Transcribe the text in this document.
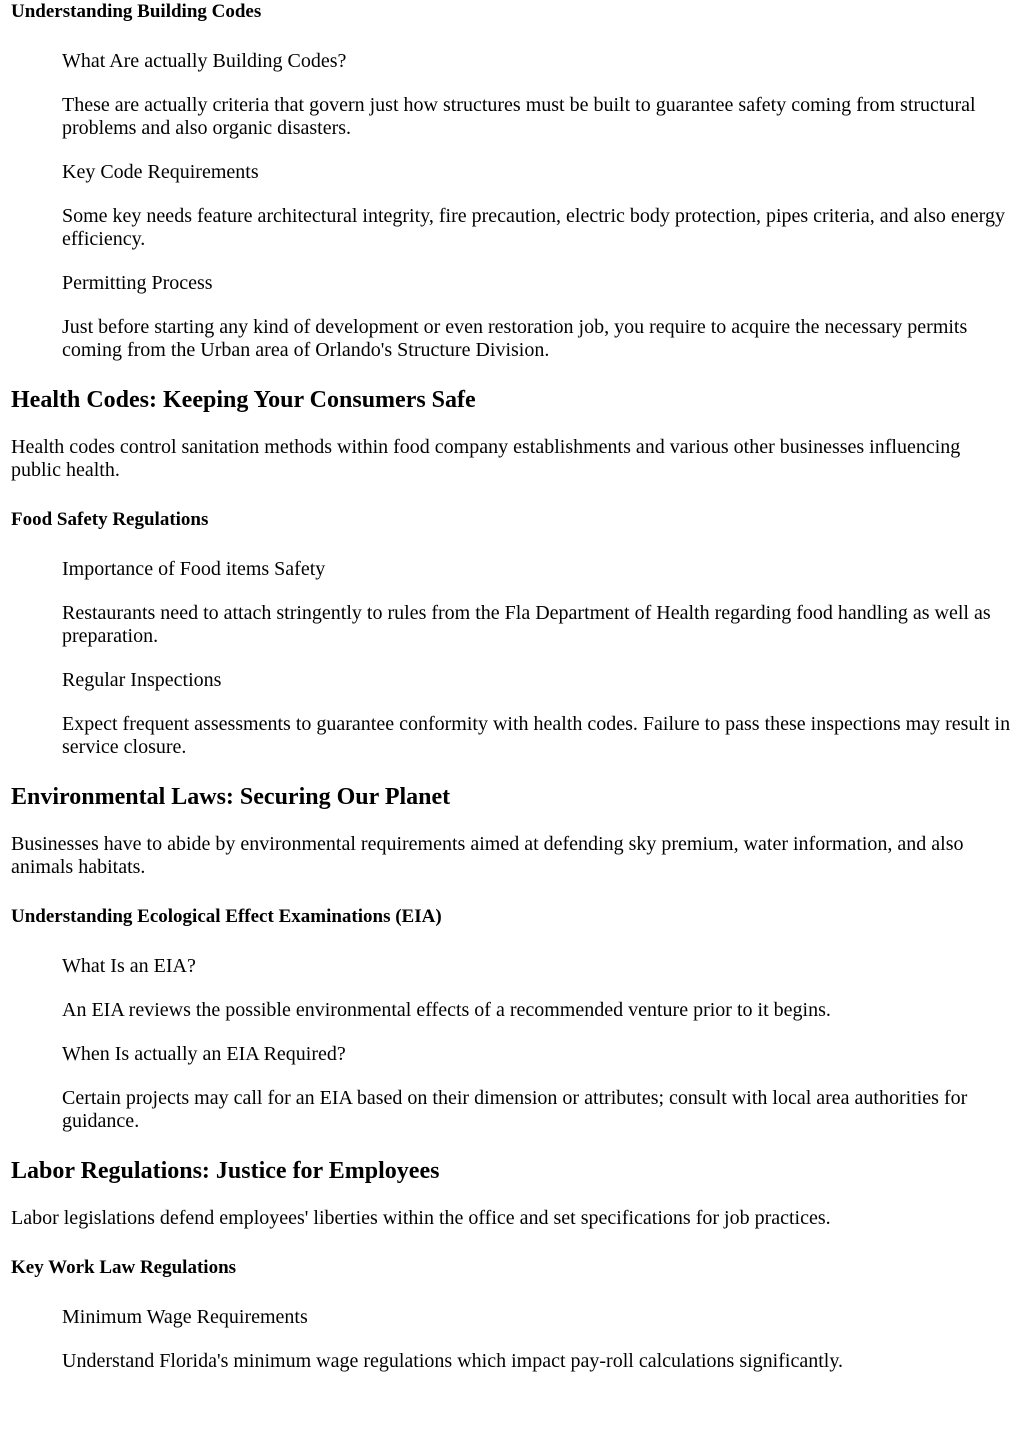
Understanding Building Codes

What Are actually Building Codes?

These are actually criteria that govern just how structures must be built to guarantee safety coming from structural problems and also organic disasters.

Key Code Requirements

Some key needs feature architectural integrity, fire precaution, electric body protection, pipes criteria, and also energy efficiency.

Permitting Process

Just before starting any kind of development or even restoration job, you require to acquire the necessary permits coming from the Urban area of Orlando's Structure Division.

Health Codes: Keeping Your Consumers Safe

Health codes control sanitation methods within food company establishments and various other businesses influencing public health.

Food Safety Regulations

Importance of Food items Safety

Restaurants need to attach stringently to rules from the Fla Department of Health regarding food handling as well as preparation.

Regular Inspections

Expect frequent assessments to guarantee conformity with health codes. Failure to pass these inspections may result in service closure.

Environmental Laws: Securing Our Planet

Businesses have to abide by environmental requirements aimed at defending sky premium, water information, and also animals habitats.

Understanding Ecological Effect Examinations (EIA)

What Is an EIA?

An EIA reviews the possible environmental effects of a recommended venture prior to it begins.

When Is actually an EIA Required?

Certain projects may call for an EIA based on their dimension or attributes; consult with local area authorities for guidance.

Labor Regulations: Justice for Employees

Labor legislations defend employees' liberties within the office and set specifications for job practices.

Key Work Law Regulations

Minimum Wage Requirements

Understand Florida's minimum wage regulations which impact pay-roll calculations significantly.
